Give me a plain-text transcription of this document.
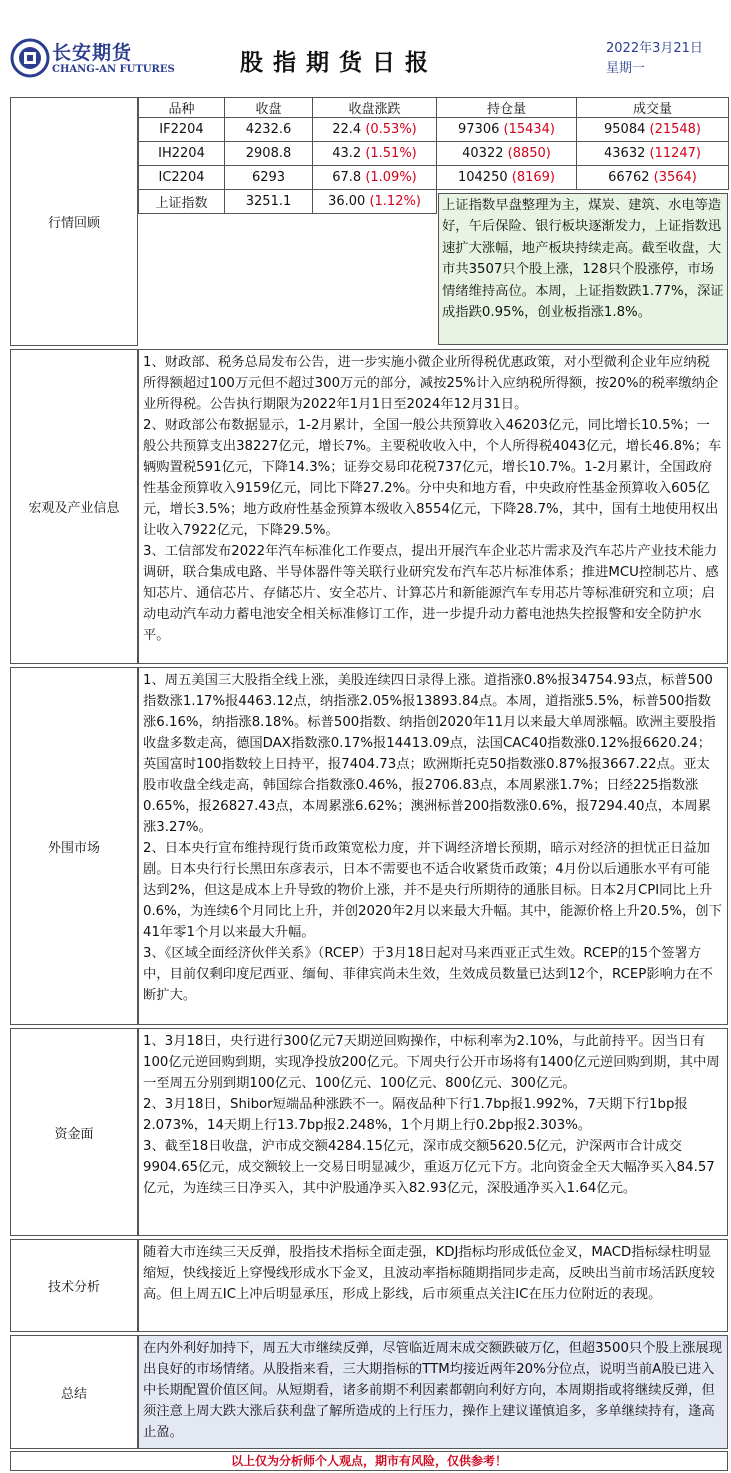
长安期货
CHANG-AN FUTURES	股指期货日报
2022年3月21日
星期一
行情回顾
品种	收盘	收盘涨跌	持仓量	成交量
IF2204	4232.6	22.4 (0.53%)	97306 (15434)	95084 (21548)
IH2204	2908.8	43.2 (1.51%)	40322 (8850)	43632 (11247)
IC2204	6293	67.8 (1.09%)	104250 (8169)	66762 (3564)
上证指数	3251.1	36.00 (1.12%)			上证指数早盘整理为主，煤炭、建筑、水电等造好，午后保险、银行板块逐渐发力，上证指数迅速扩大涨幅，地产板块持续走高。截至收盘，大市共3507只个股上涨，128只个股涨停，市场情绪维持高位。本周，上证指数跌1.77%，深证成指跌0.95%，创业板指涨1.8%。
宏观及产业信息

1、财政部、税务总局发布公告，进一步实施小微企业所得税优惠政策，对小型微利企业年应纳税所得额超过100万元但不超过300万元的部分，减按25%计入应纳税所得额，按20%的税率缴纳企业所得税。公告执行期限为2022年1月1日至2024年12月31日。

2、财政部公布数据显示，1-2月累计，全国一般公共预算收入46203亿元，同比增长10.5%；一般公共预算支出38227亿元，增长7%。主要税收收入中，个人所得税4043亿元，增长46.8%；车辆购置税591亿元，下降14.3%；证券交易印花税737亿元，增长10.7%。1-2月累计，全国政府性基金预算收入9159亿元，同比下降27.2%。分中央和地方看，中央政府性基金预算收入605亿元，增长3.5%；地方政府性基金预算本级收入8554亿元，下降28.7%，其中，国有土地使用权出让收入7922亿元，下降29.5%。

3、工信部发布2022年汽车标准化工作要点，提出开展汽车企业芯片需求及汽车芯片产业技术能力调研，联合集成电路、半导体器件等关联行业研究发布汽车芯片标准体系；推进MCU控制芯片、感知芯片、通信芯片、存储芯片、安全芯片、计算芯片和新能源汽车专用芯片等标准研究和立项；启动电动汽车动力蓄电池安全相关标准修订工作，进一步提升动力蓄电池热失控报警和安全防护水平。

外围市场

1、周五美国三大股指全线上涨，美股连续四日录得上涨。道指涨0.8%报34754.93点，标普500指数涨1.17%报4463.12点，纳指涨2.05%报13893.84点。本周，道指涨5.5%，标普500指数涨6.16%，纳指涨8.18%。标普500指数、纳指创2020年11月以来最大单周涨幅。欧洲主要股指收盘多数走高，德国DAX指数涨0.17%报14413.09点，法国CAC40指数涨0.12%报6620.24；英国富时100指数较上日持平，报7404.73点；欧洲斯托克50指数涨0.87%报3667.22点。亚太股市收盘全线走高，韩国综合指数涨0.46%，报2706.83点，本周累涨1.7%；日经225指数涨0.65%，报26827.43点，本周累涨6.62%；澳洲标普200指数涨0.6%，报7294.40点，本周累涨3.27%。

2、日本央行宣布维持现行货币政策宽松力度，并下调经济增长预期，暗示对经济的担忧正日益加剧。日本央行行长黑田东彦表示，日本不需要也不适合收紧货币政策；4月份以后通胀水平有可能达到2%，但这是成本上升导致的物价上涨，并不是央行所期待的通胀目标。日本2月CPI同比上升0.6%，为连续6个月同比上升，并创2020年2月以来最大升幅。其中，能源价格上升20.5%，创下41年零1个月以来最大升幅。

3、《区域全面经济伙伴关系》（RCEP）于3月18日起对马来西亚正式生效。RCEP的15个签署方中，目前仅剩印度尼西亚、缅甸、菲律宾尚未生效，生效成员数量已达到12个，RCEP影响力在不断扩大。

资金面

1、3月18日，央行进行300亿元7天期逆回购操作，中标利率为2.10%，与此前持平。因当日有100亿元逆回购到期，实现净投放200亿元。下周央行公开市场将有1400亿元逆回购到期，其中周一至周五分别到期100亿元、100亿元、100亿元、800亿元、300亿元。

2、3月18日，Shibor短端品种涨跌不一。隔夜品种下行1.7bp报1.992%，7天期下行1bp报2.073%，14天期上行13.7bp报2.248%，1个月期上行0.2bp报2.303%。

3、截至18日收盘，沪市成交额4284.15亿元，深市成交额5620.5亿元，沪深两市合计成交9904.65亿元，成交额较上一交易日明显减少，重返万亿元下方。北向资金全天大幅净买入84.57亿元，为连续三日净买入，其中沪股通净买入82.93亿元，深股通净买入1.64亿元。

技术分析
随着大市连续三天反弹，股指技术指标全面走强，KDJ指标均形成低位金叉，MACD指标绿柱明显缩短，快线接近上穿慢线形成水下金叉，且波动率指标随期指同步走高，反映出当前市场活跃度较高。但上周五IC上冲后明显承压，形成上影线，后市须重点关注IC在压力位附近的表现。
总结
在内外利好加持下，周五大市继续反弹，尽管临近周末成交额跌破万亿，但超3500只个股上涨展现出良好的市场情绪。从股指来看，三大期指标的TTM均接近两年20%分位点，说明当前A股已进入中长期配置价值区间。从短期看，诸多前期不利因素都朝向利好方向，本周期指或将继续反弹，但须注意上周大跌大涨后获利盘了解所造成的上行压力，操作上建议谨慎追多，多单继续持有，逢高止盈。
以上仅为分析师个人观点，期市有风险，仅供参考！
